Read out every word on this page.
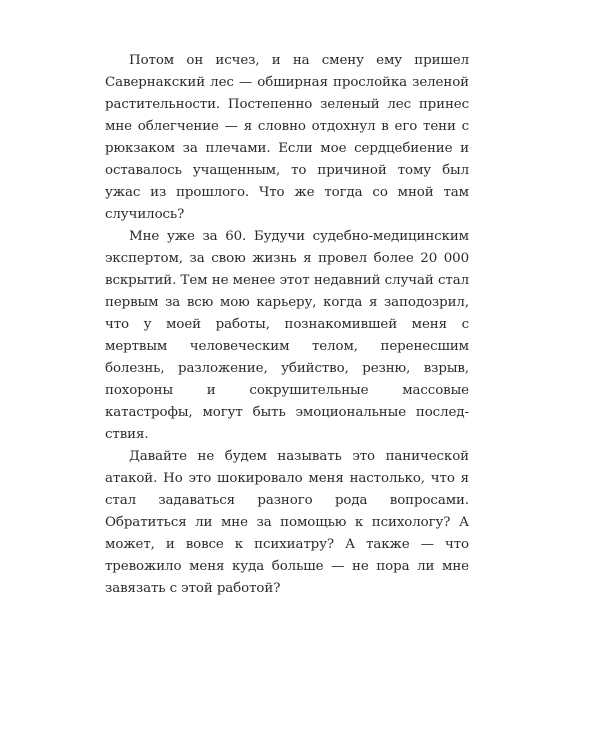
Потом он исчез, и на смену ему пришел Савернакский лес — обширная прослойка зеленой растительности. Постепенно зеленый лес принес мне облегчение — я словно отдохнул в его тени с рюкзаком за плечами. Если мое сердцебиение и оставалось учащенным, то причиной тому был ужас из прошлого. Что же тогда со мной там случилось?

Мне уже за 60. Будучи судебно-медицинским экспертом, за свою жизнь я провел более 20 000 вскрытий. Тем не менее этот недавний случай стал первым за всю мою карьеру, когда я заподозрил, что у моей работы, познакомившей меня с мертвым человеческим телом, перенесшим болезнь, разложение, убийство, резню, взрыв, похороны и сокрушительные массовые катастрофы, могут быть эмоциональные последствия.

Давайте не будем называть это панической атакой. Но это шокировало меня настолько, что я стал задаваться разного рода вопросами. Обратиться ли мне за помощью к психологу? А может, и вовсе к психиатру? А также — что тревожило меня куда больше — не пора ли мне завязать с этой работой?
